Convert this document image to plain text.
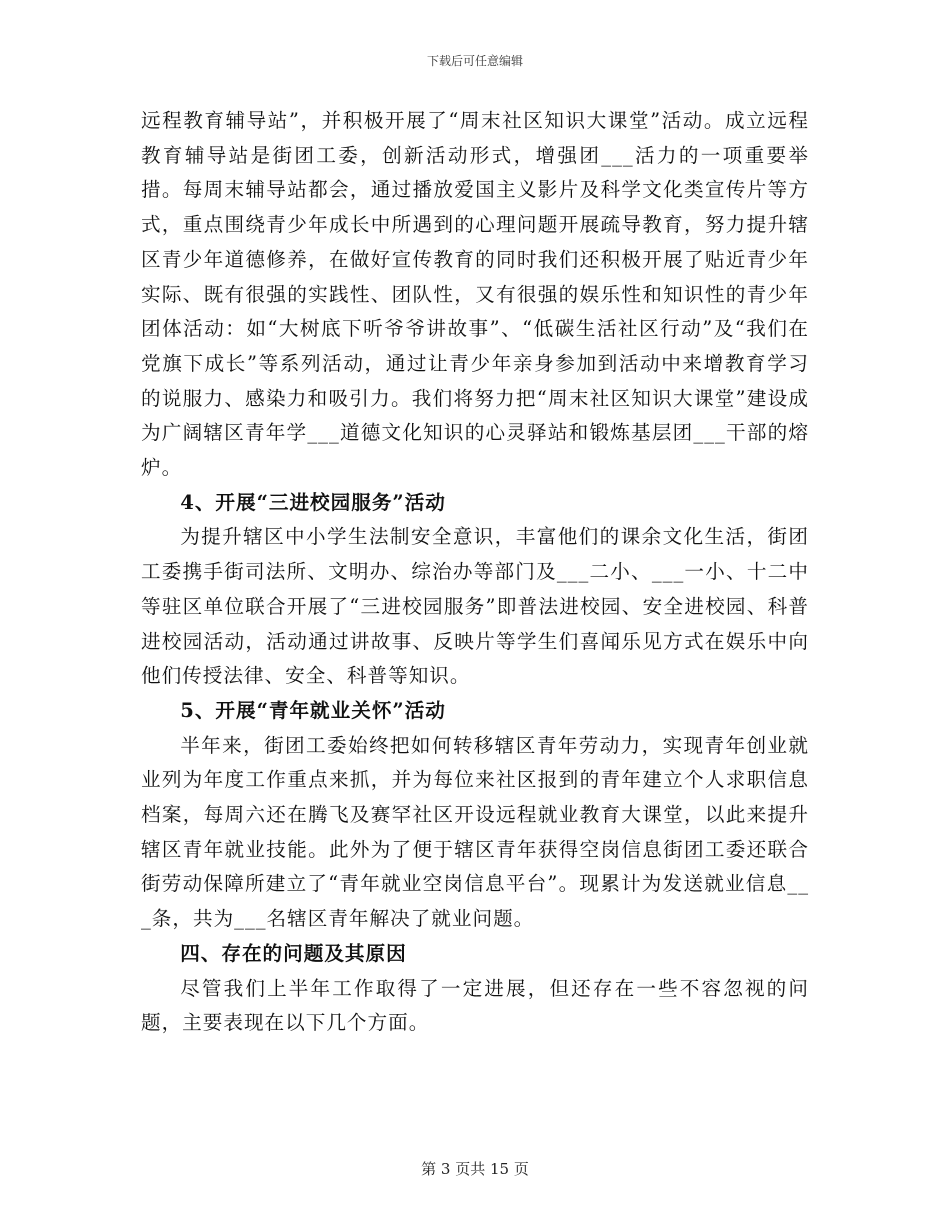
下载后可任意编辑

远程教育辅导站”，并积极开展了“周末社区知识大课堂”活动。成立远程教育辅导站是街团工委，创新活动形式，增强团___活力的一项重要举措。每周末辅导站都会，通过播放爱国主义影片及科学文化类宣传片等方式，重点围绕青少年成长中所遇到的心理问题开展疏导教育，努力提升辖区青少年道德修养，在做好宣传教育的同时我们还积极开展了贴近青少年实际、既有很强的实践性、团队性，又有很强的娱乐性和知识性的青少年团体活动：如“大树底下听爷爷讲故事”、“低碳生活社区行动”及“我们在党旗下成长”等系列活动，通过让青少年亲身参加到活动中来增教育学习的说服力、感染力和吸引力。我们将努力把“周末社区知识大课堂”建设成为广阔辖区青年学___道德文化知识的心灵驿站和锻炼基层团___干部的熔炉。

4、开展“三进校园服务”活动

为提升辖区中小学生法制安全意识，丰富他们的课余文化生活，街团工委携手街司法所、文明办、综治办等部门及___二小、___一小、十二中等驻区单位联合开展了“三进校园服务”即普法进校园、安全进校园、科普进校园活动，活动通过讲故事、反映片等学生们喜闻乐见方式在娱乐中向他们传授法律、安全、科普等知识。

5、开展“青年就业关怀”活动

半年来，街团工委始终把如何转移辖区青年劳动力，实现青年创业就业列为年度工作重点来抓，并为每位来社区报到的青年建立个人求职信息档案，每周六还在腾飞及赛罕社区开设远程就业教育大课堂，以此来提升辖区青年就业技能。此外为了便于辖区青年获得空岗信息街团工委还联合街劳动保障所建立了“青年就业空岗信息平台”。现累计为发送就业信息___条，共为___名辖区青年解决了就业问题。

四、存在的问题及其原因

尽管我们上半年工作取得了一定进展，但还存在一些不容忽视的问题，主要表现在以下几个方面。

第 3 页共 15 页
